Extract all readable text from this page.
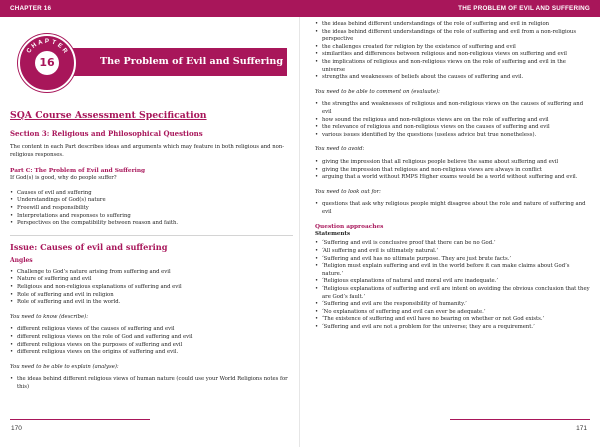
CHAPTER 16
The Problem of Evil and Suffering
C
H
A P T E
R
16
SQA Course Assessment Specification
Section 3: Religious and Philosophical Questions

The content in each Part describes ideas and arguments which may feature in both religious and non-religious responses.

Part C: The Problem of Evil and Suffering
If God(s) is good, why do people suffer?
• Causes of evil and suffering
• Understandings of God(s) nature
• Freewill and responsibility
• Interpretations and responses to suffering
• Perspectives on the compatibility between reason and faith.
Issue: Causes of evil and suffering
Angles
• Challenge to God’s nature arising from suffering and evil
• Nature of suffering and evil
• Religious and non-religious explanations of suffering and evil
• Role of suffering and evil in religion
• Role of suffering and evil in the world.
You need to know (describe):
• different religious views of the causes of suffering and evil
• different religious views on the role of God and suffering and evil
• different religious views on the purposes of suffering and evil
• different religious views on the origins of suffering and evil.
You need to be able to explain (analyse):
• the ideas behind different religious views of human nature (could use your World Religions notes for this)
170
THE PROBLEM OF EVIL AND SUFFERING
• the ideas behind different understandings of the role of suffering and evil in religion
• the ideas behind different understandings of the role of suffering and evil from a non-religious perspective
• the challenges created for religion by the existence of suffering and evil
• similarities and differences between religious and non-religious views on suffering and evil
• the implications of religious and non-religious views on the role of suffering and evil in the universe
• strengths and weaknesses of beliefs about the causes of suffering and evil.
You need to be able to comment on (evaluate):
• the strengths and weaknesses of religious and non-religious views on the causes of suffering and evil
• how sound the religious and non-religious views are on the role of suffering and evil
• the relevance of religious and non-religious views on the causes of suffering and evil
• various issues identified by the questions (useless advice but true nonetheless).
You need to avoid:
• giving the impression that all religious people believe the same about suffering and evil
• giving the impression that religious and non-religious views are always in conflict
• arguing that a world without RMPS Higher exams would be a world without suffering and evil.
You need to look out for:
• questions that ask why religious people might disagree about the role and nature of suffering and evil
Question approaches
Statements
• ‘Suffering and evil is conclusive proof that there can be no God.’
• ‘All suffering and evil is ultimately natural.’
• ‘Suffering and evil has no ultimate purpose. They are just brute facts.’
• ‘Religion must explain suffering and evil in the world before it can make claims about God’s nature.’
• ‘Religious explanations of natural and moral evil are inadequate.’
• ‘Religious explanations of suffering and evil are intent on avoiding the obvious conclusion that they are God’s fault.’
• ‘Suffering and evil are the responsibility of humanity.’
• ‘No explanations of suffering and evil can ever be adequate.’
• ‘The existence of suffering and evil have no bearing on whether or not God exists.’
• ‘Suffering and evil are not a problem for the universe; they are a requirement.’
171
